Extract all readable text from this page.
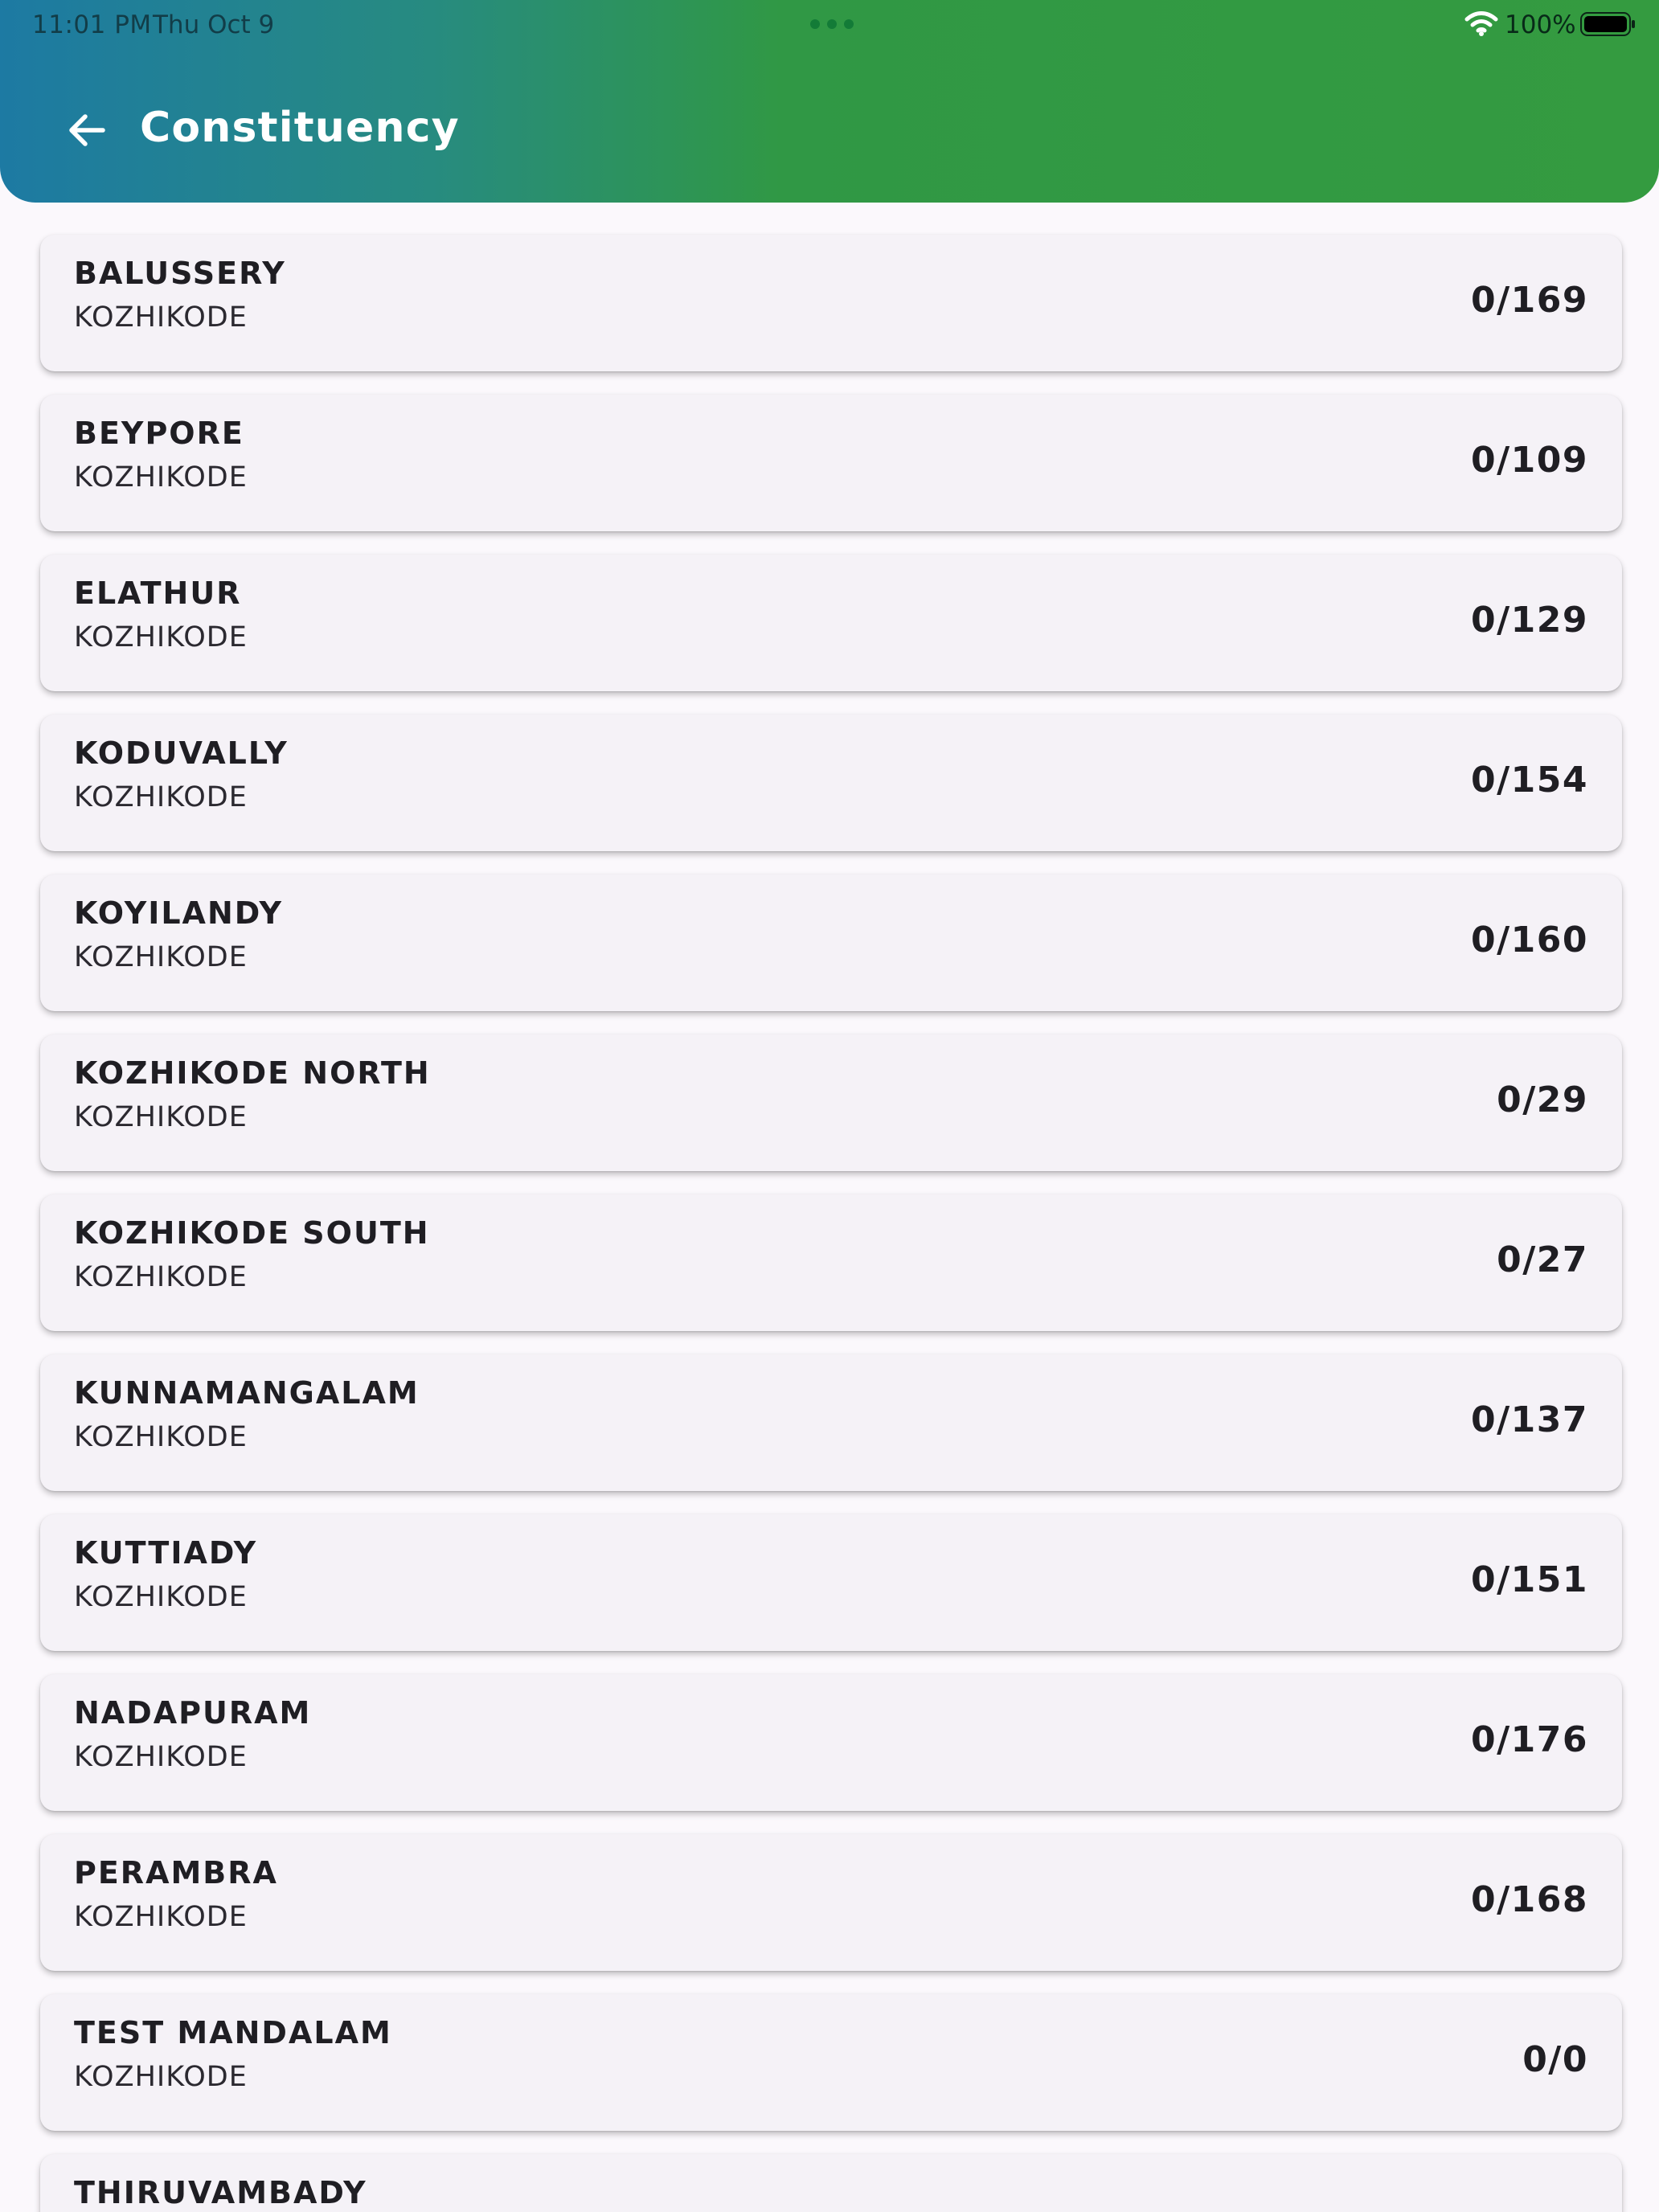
11:01 PM Thu Oct 9	100%
Constituency
BALUSSERY
KOZHIKODE	0/169
BEYPORE
KOZHIKODE	0/109
ELATHUR
KOZHIKODE	0/129
KODUVALLY
KOZHIKODE	0/154
KOYILANDY
KOZHIKODE	0/160
KOZHIKODE NORTH
KOZHIKODE	0/29
KOZHIKODE SOUTH
KOZHIKODE	0/27
KUNNAMANGALAM
KOZHIKODE	0/137
KUTTIADY
KOZHIKODE	0/151
NADAPURAM
KOZHIKODE	0/176
PERAMBRA
KOZHIKODE	0/168
TEST MANDALAM
KOZHIKODE	0/0
THIRUVAMBADY
